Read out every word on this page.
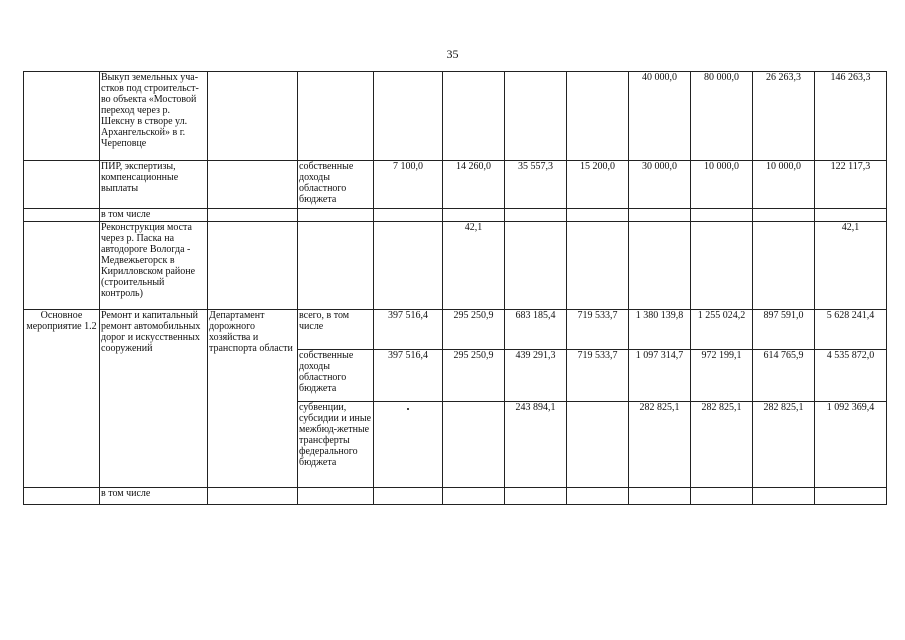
35
	Выкуп земельных уча-стков под строительст-во объекта «Мостовой переход через р. Шексну в створе ул. Архангельской» в г. Череповце							40 000,0	80 000,0	26 263,3	146 263,3
	ПИР, экспертизы, компенсационные выплаты		собственные доходы областного бюджета	7 100,0	14 260,0	35 557,3	15 200,0	30 000,0	10 000,0	10 000,0	122 117,3
	в том числе										
	Реконструкция моста через р. Паска на автодороге Вологда - Медвежьегорск в Кирилловском районе (строительный контроль)				42,1						42,1
Основное мероприятие 1.2	Ремонт и капитальный ремонт автомобильных дорог и искусственных сооружений	Департамент дорожного хозяйства и транспорта области	всего, в том числе	397 516,4	295 250,9	683 185,4	719 533,7	1 380 139,8	1 255 024,2	897 591,0	5 628 241,4
			собственные доходы областного бюджета	397 516,4	295 250,9	439 291,3	719 533,7	1 097 314,7	972 199,1	614 765,9	4 535 872,0
			субвенции, субсидии и иные межбюд-жетные трансферты федерального бюджета			243 894,1		282 825,1	282 825,1	282 825,1	1 092 369,4
	в том числе										
